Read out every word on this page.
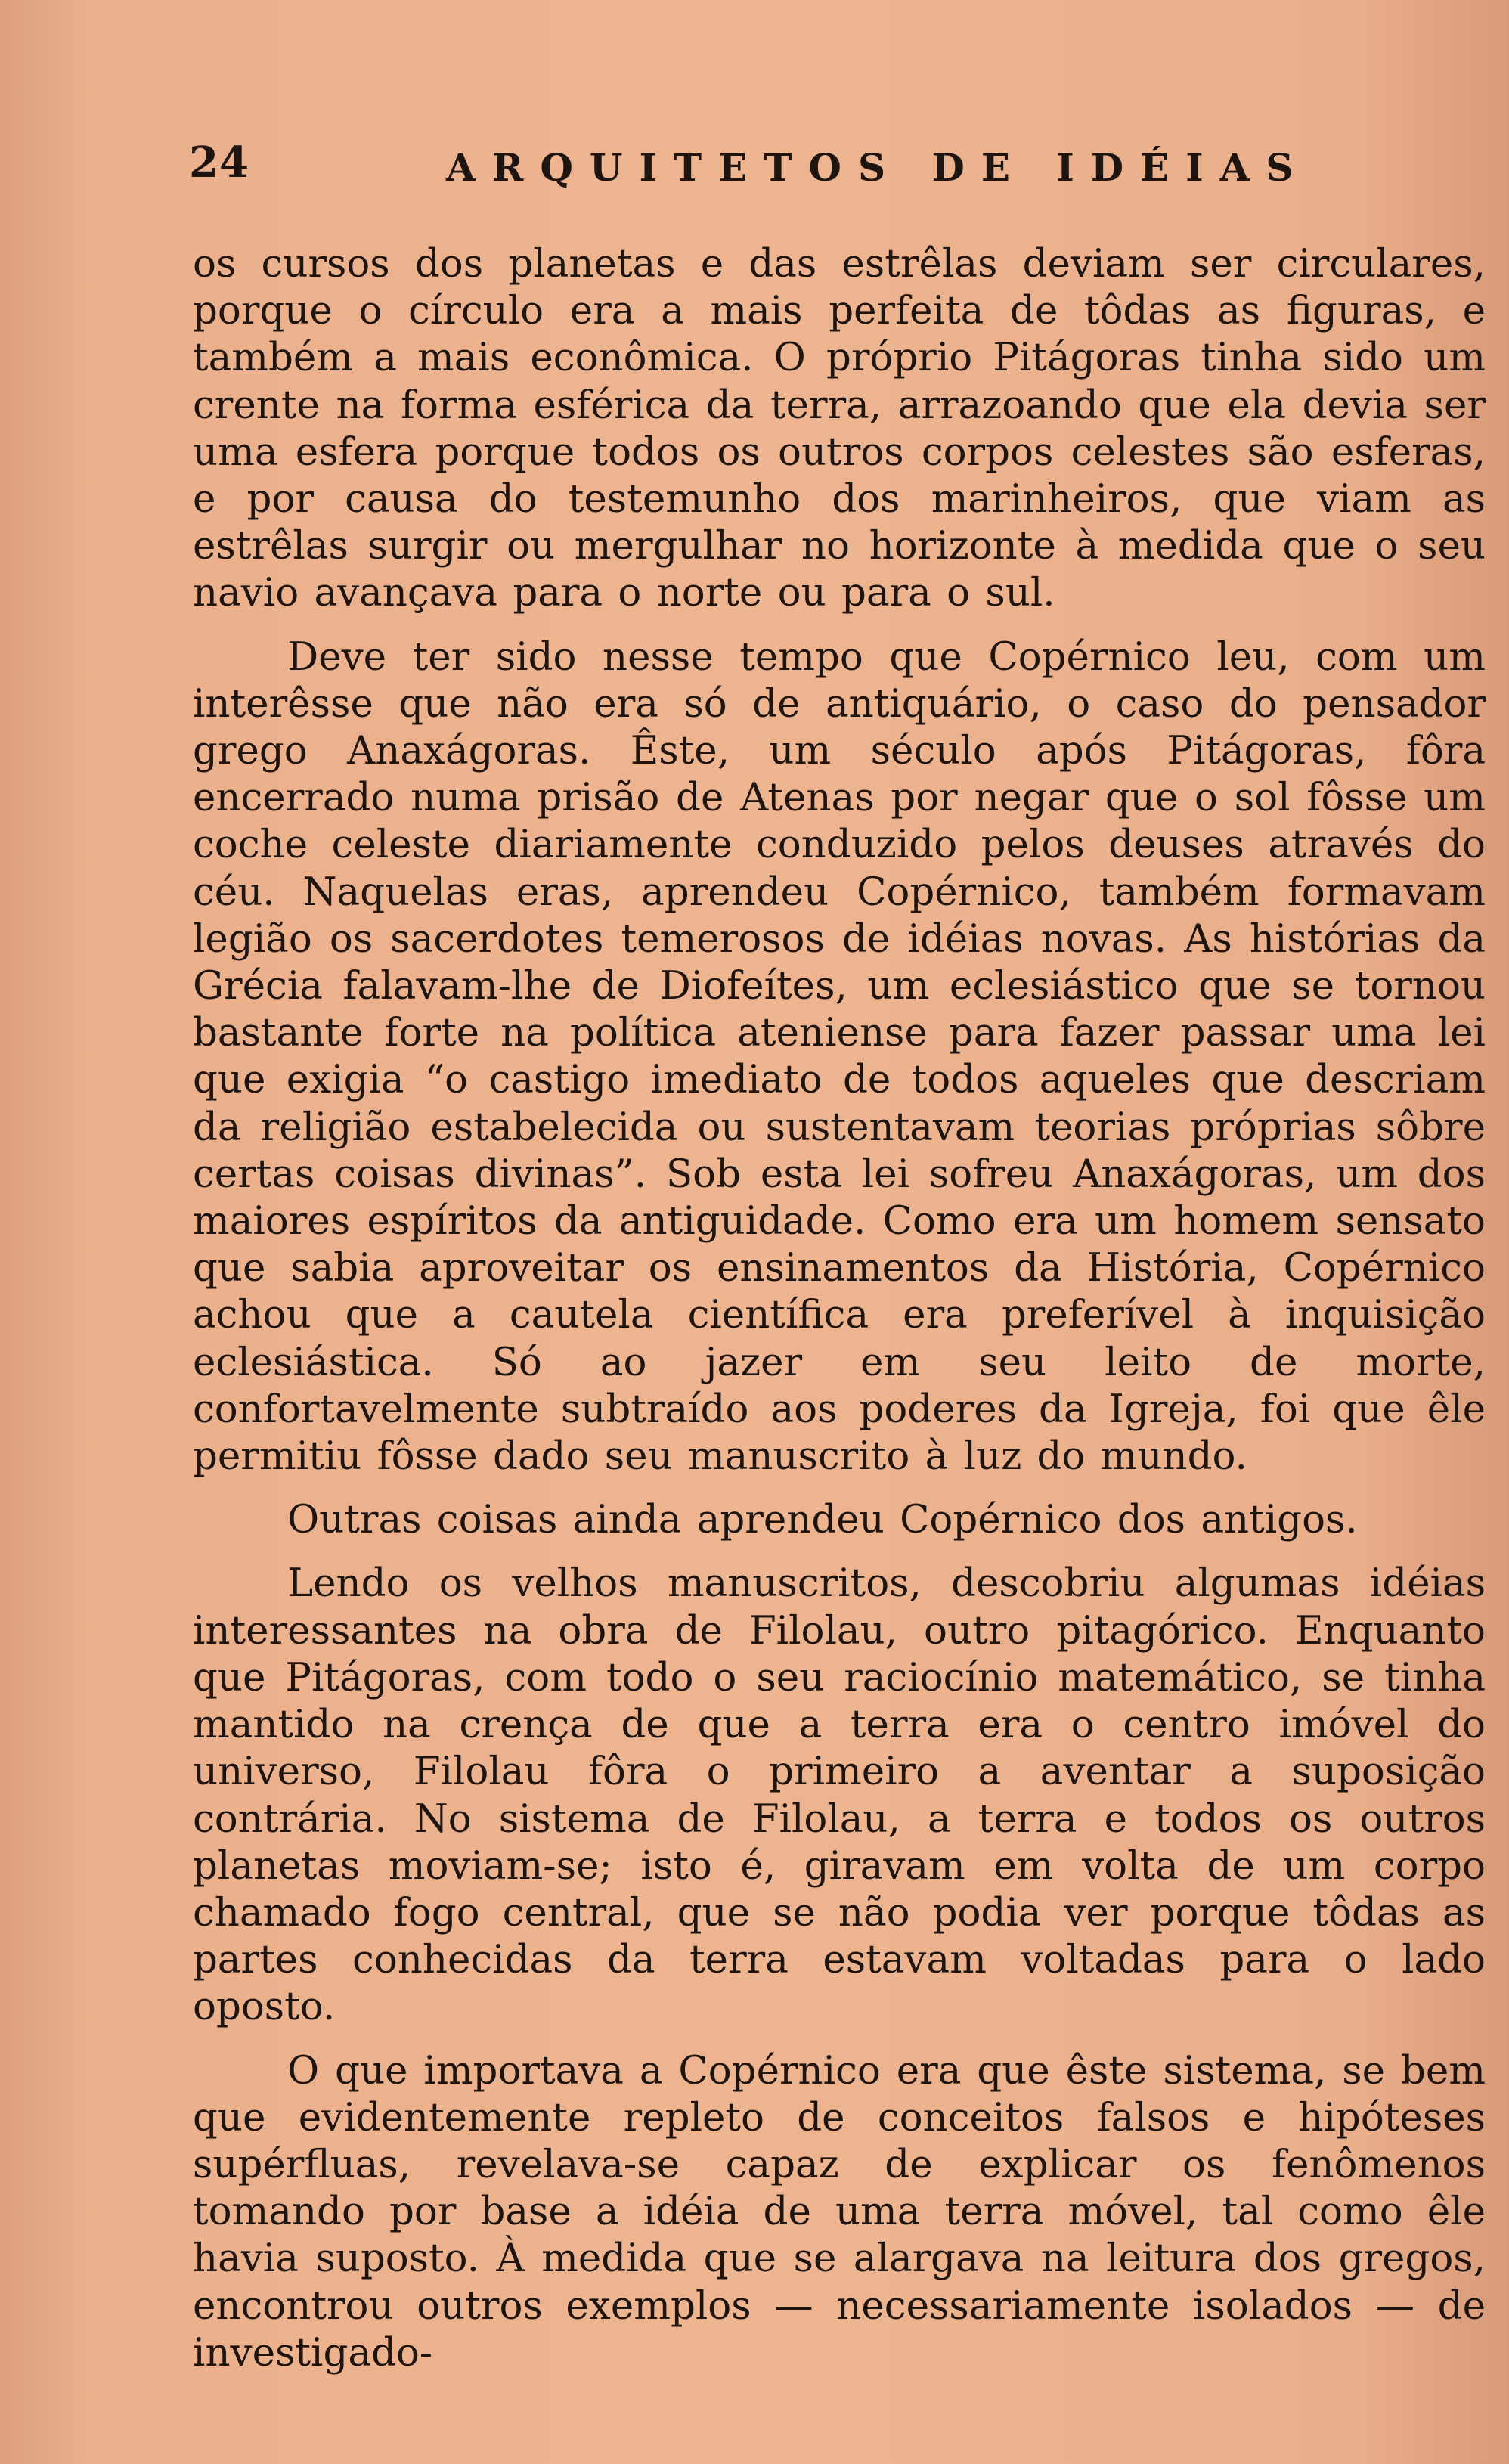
24	ARQUITETOS DE IDÉIAS

os cursos dos planetas e das estrêlas deviam ser circulares, porque o círculo era a mais perfeita de tôdas as figuras, e também a mais econômica. O próprio Pitágoras tinha sido um crente na forma esférica da terra, arrazoando que ela devia ser uma esfera porque todos os outros corpos celestes são esferas, e por causa do testemunho dos marinheiros, que viam as estrêlas surgir ou mergulhar no horizonte à medida que o seu navio avançava para o norte ou para o sul.

Deve ter sido nesse tempo que Copérnico leu, com um interêsse que não era só de antiquário, o caso do pensador grego Anaxágoras. Êste, um século após Pitágoras, fôra encerrado numa prisão de Atenas por negar que o sol fôsse um coche celeste diariamente conduzido pelos deuses através do céu. Naquelas eras, aprendeu Copérnico, também formavam legião os sacerdotes temerosos de idéias novas. As histórias da Grécia falavam-lhe de Diofeítes, um eclesiástico que se tornou bastante forte na política ateniense para fazer passar uma lei que exigia “o castigo imediato de todos aqueles que descriam da religião estabelecida ou sustentavam teorias próprias sôbre certas coisas divinas”. Sob esta lei sofreu Anaxágoras, um dos maiores espíritos da antiguidade. Como era um homem sensato que sabia aproveitar os ensinamentos da História, Copérnico achou que a cautela científica era preferível à inquisição eclesiástica. Só ao jazer em seu leito de morte, confortavelmente subtraído aos poderes da Igreja, foi que êle permitiu fôsse dado seu manuscrito à luz do mundo.

Outras coisas ainda aprendeu Copérnico dos antigos.

Lendo os velhos manuscritos, descobriu algumas idéias interessantes na obra de Filolau, outro pitagórico. Enquanto que Pitágoras, com todo o seu raciocínio matemático, se tinha mantido na crença de que a terra era o centro imóvel do universo, Filolau fôra o primeiro a aventar a suposição contrária. No sistema de Filolau, a terra e todos os outros planetas moviam-se; isto é, giravam em volta de um corpo chamado fogo central, que se não podia ver porque tôdas as partes conhecidas da terra estavam voltadas para o lado oposto.

O que importava a Copérnico era que êste sistema, se bem que evidentemente repleto de conceitos falsos e hipóteses supérfluas, revelava-se capaz de explicar os fenômenos tomando por base a idéia de uma terra móvel, tal como êle havia suposto. À medida que se alargava na leitura dos gregos, encontrou outros exemplos — necessariamente isolados — de investigado-
